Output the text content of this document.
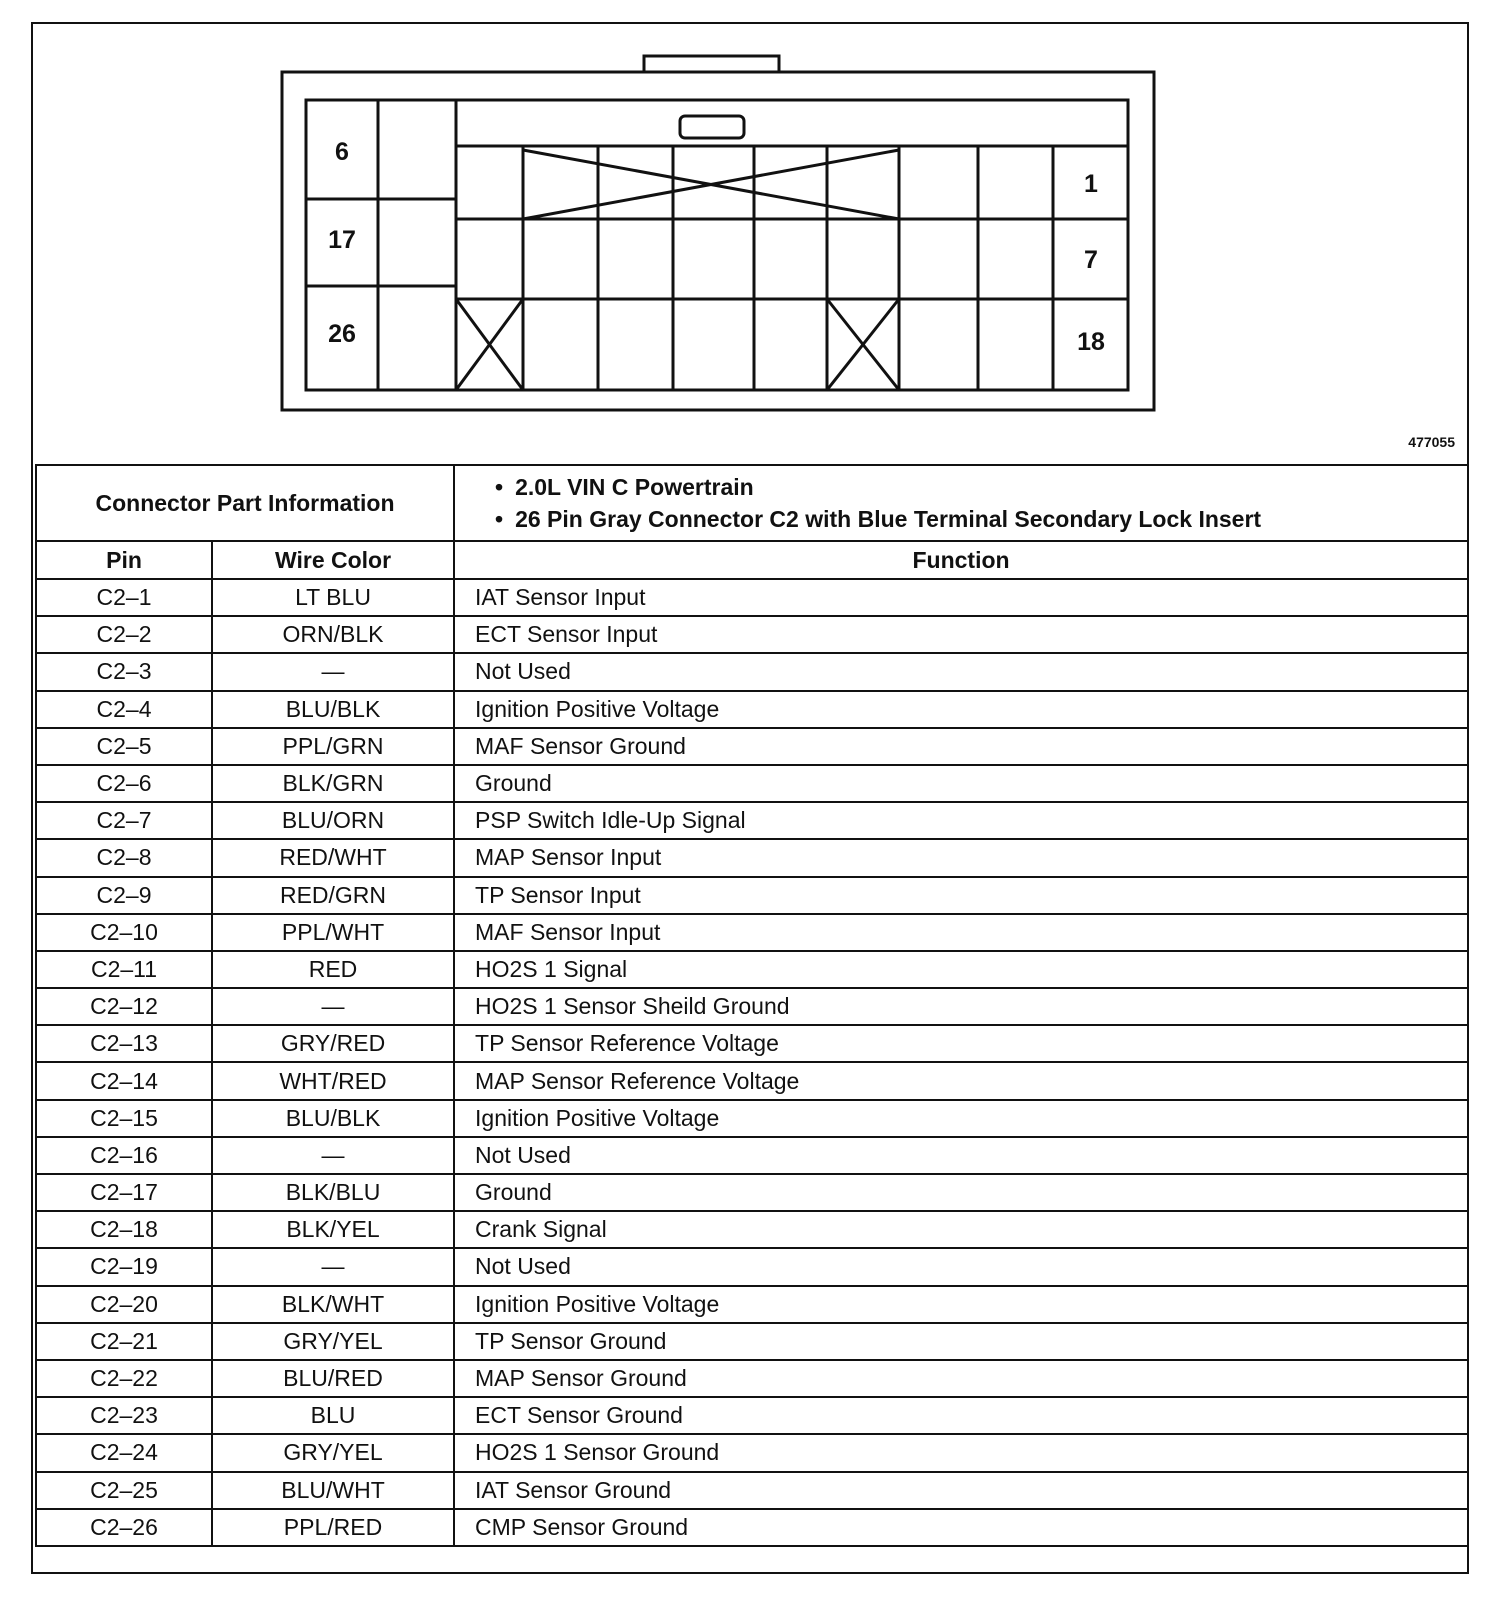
6
17
26
1
7
18
477055
Connector Part Information		• 2.0L VIN C Powertrain
• 26 Pin Gray Connector C2 with Blue Terminal Secondary Lock Insert

Pin	Wire Color	Function
C2–1	LT BLU	IAT Sensor Input
C2–2	ORN/BLK	ECT Sensor Input
C2–3	—	Not Used
C2–4	BLU/BLK	Ignition Positive Voltage
C2–5	PPL/GRN	MAF Sensor Ground
C2–6	BLK/GRN	Ground
C2–7	BLU/ORN	PSP Switch Idle-Up Signal
C2–8	RED/WHT	MAP Sensor Input
C2–9	RED/GRN	TP Sensor Input
C2–10	PPL/WHT	MAF Sensor Input
C2–11	RED	HO2S 1 Signal
C2–12	—	HO2S 1 Sensor Sheild Ground
C2–13	GRY/RED	TP Sensor Reference Voltage
C2–14	WHT/RED	MAP Sensor Reference Voltage
C2–15	BLU/BLK	Ignition Positive Voltage
C2–16	—	Not Used
C2–17	BLK/BLU	Ground
C2–18	BLK/YEL	Crank Signal
C2–19	—	Not Used
C2–20	BLK/WHT	Ignition Positive Voltage
C2–21	GRY/YEL	TP Sensor Ground
C2–22	BLU/RED	MAP Sensor Ground
C2–23	BLU	ECT Sensor Ground
C2–24	GRY/YEL	HO2S 1 Sensor Ground
C2–25	BLU/WHT	IAT Sensor Ground
C2–26	PPL/RED	CMP Sensor Ground
